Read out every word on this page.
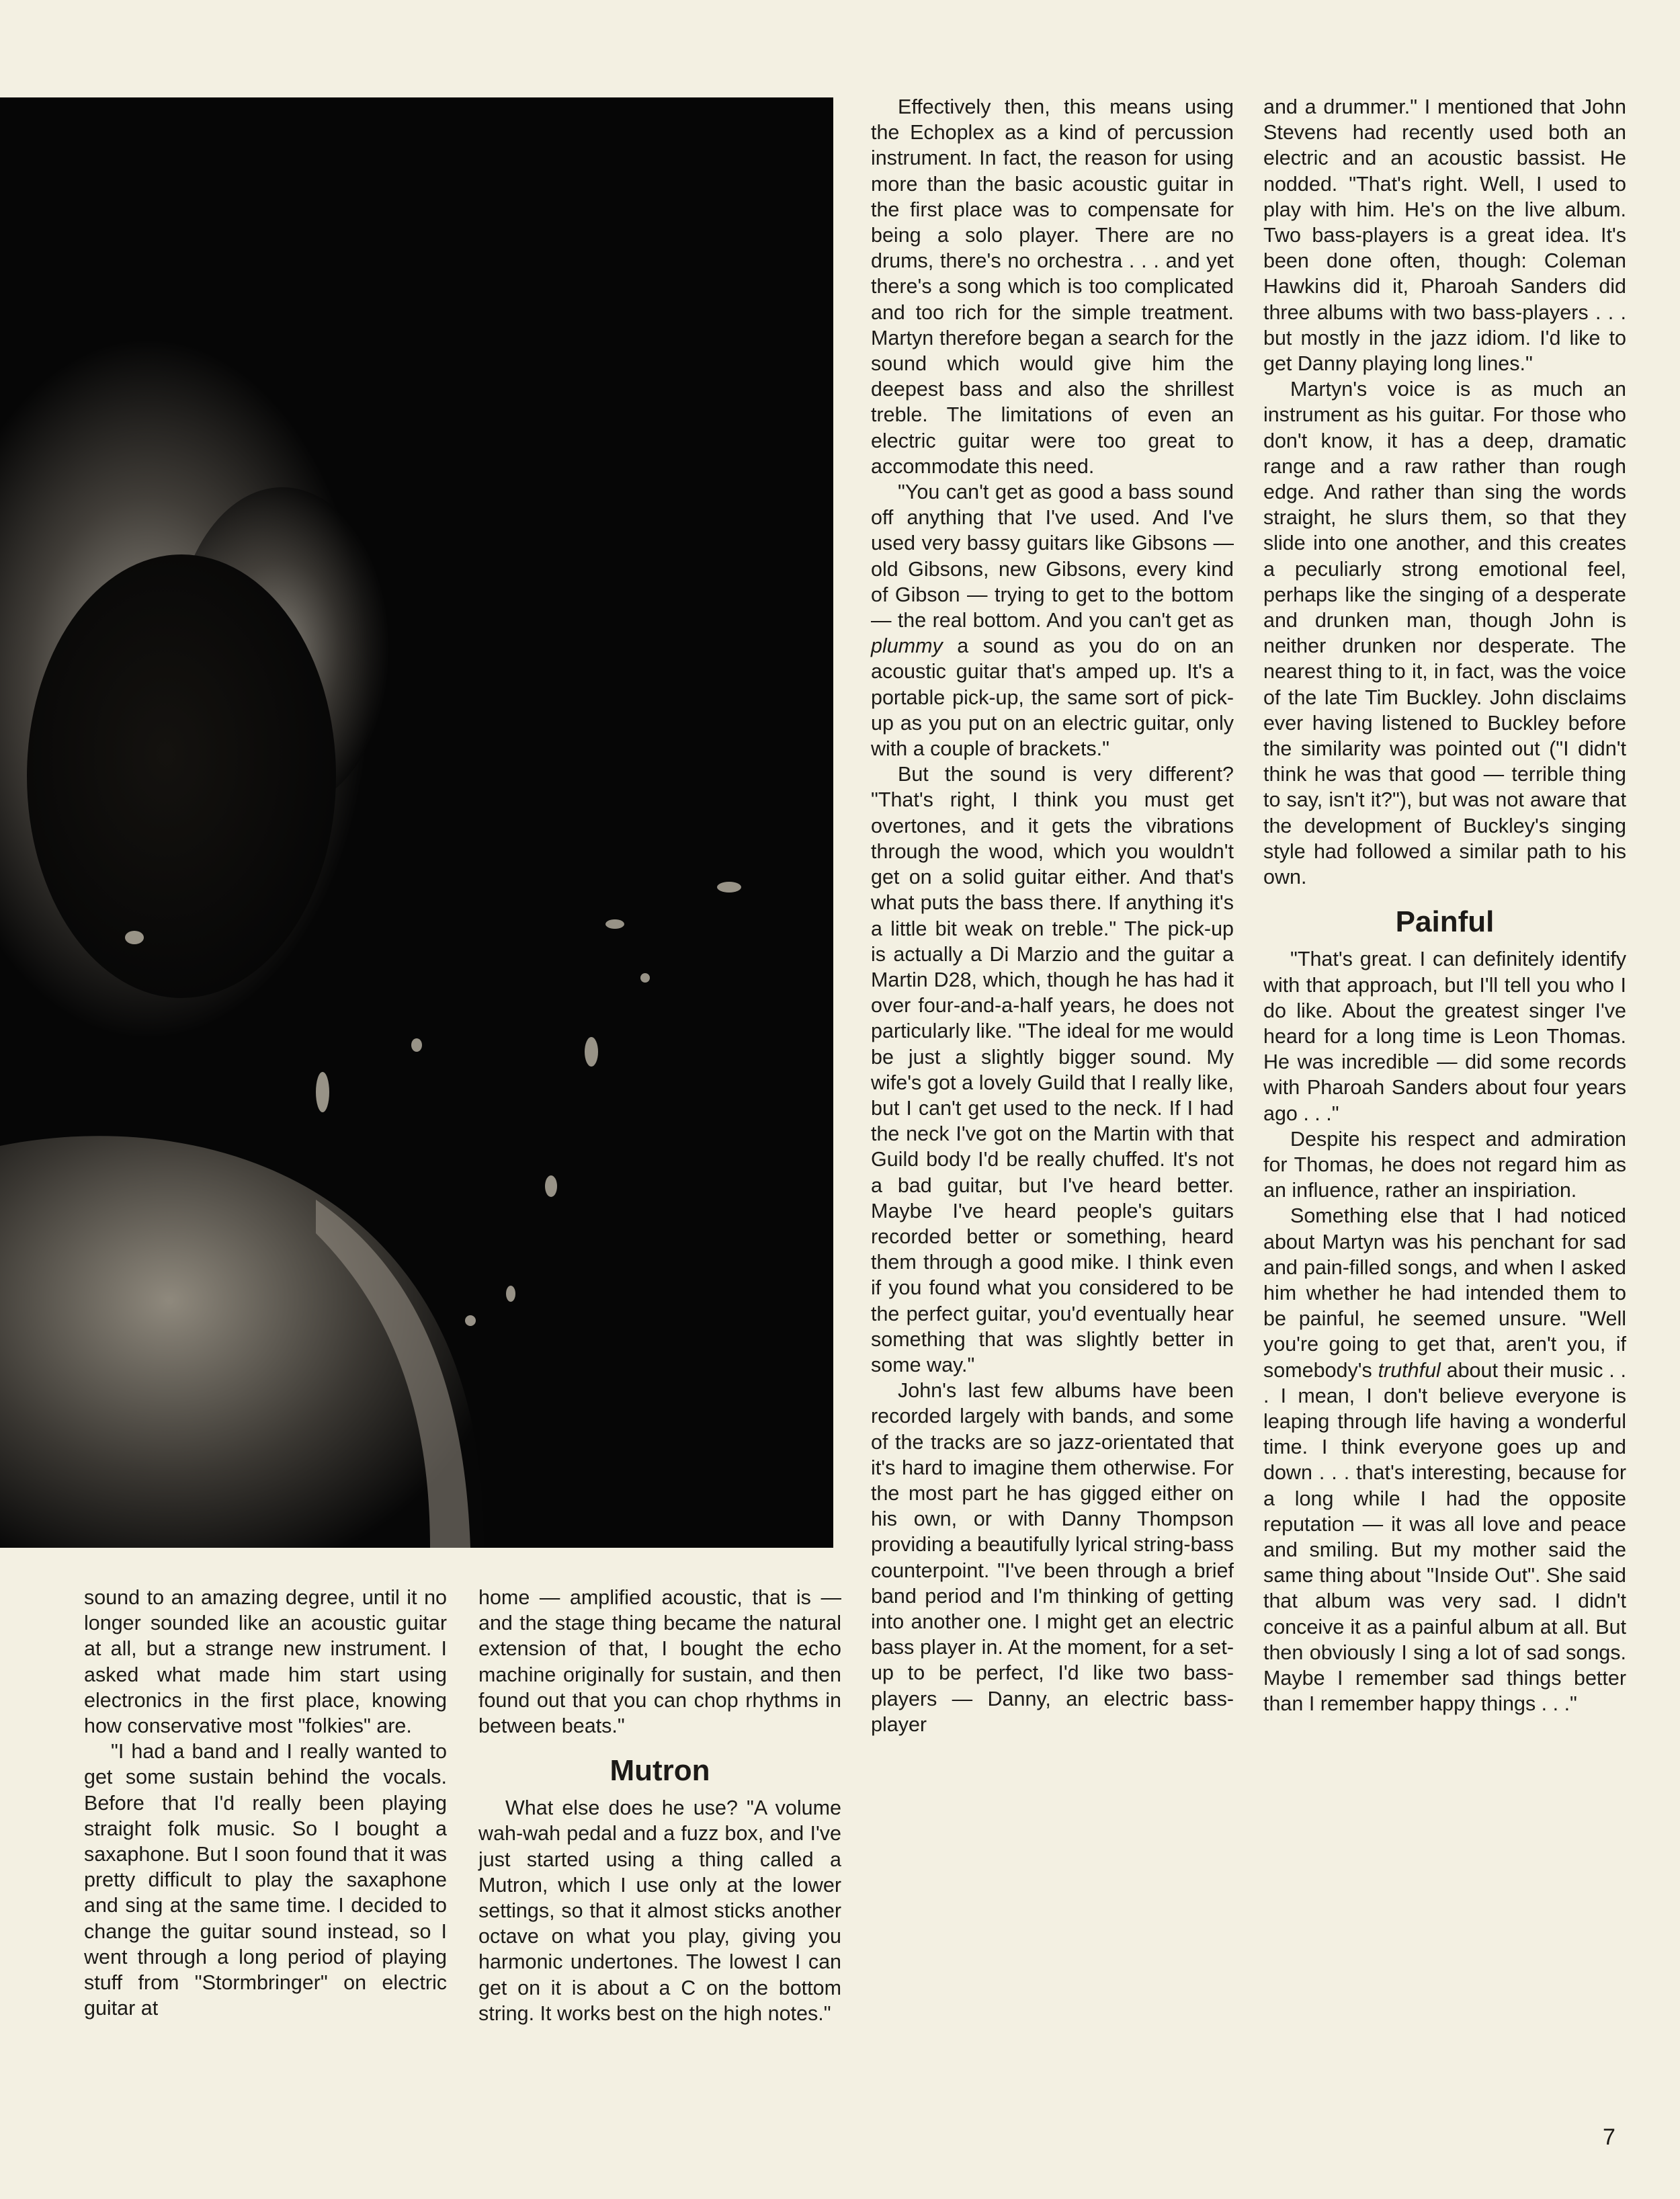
sound to an amazing degree, until it no longer sounded like an acoustic guitar at all, but a strange new instrument. I asked what made him start using electronics in the first place, knowing how conservative most "folkies" are.

"I had a band and I really wanted to get some sustain behind the vocals. Before that I'd really been playing straight folk music. So I bought a saxaphone. But I soon found that it was pretty difficult to play the saxaphone and sing at the same time. I decided to change the guitar sound instead, so I went through a long period of playing stuff from "Stormbringer" on electric guitar at

home — amplified acoustic, that is — and the stage thing became the natural extension of that, I bought the echo machine originally for sustain, and then found out that you can chop rhythms in between beats."

Mutron

What else does he use? "A volume wah-wah pedal and a fuzz box, and I've just started using a thing called a Mutron, which I use only at the lower settings, so that it almost sticks another octave on what you play, giving you harmonic undertones. The lowest I can get on it is about a C on the bottom string. It works best on the high notes."

Effectively then, this means using the Echoplex as a kind of percussion instrument. In fact, the reason for using more than the basic acoustic guitar in the first place was to compensate for being a solo player. There are no drums, there's no orchestra . . . and yet there's a song which is too complicated and too rich for the simple treatment. Martyn therefore began a search for the sound which would give him the deepest bass and also the shrillest treble. The limitations of even an electric guitar were too great to accommodate this need.

"You can't get as good a bass sound off anything that I've used. And I've used very bassy guitars like Gibsons — old Gibsons, new Gibsons, every kind of Gibson — trying to get to the bottom — the real bottom. And you can't get as plummy a sound as you do on an acoustic guitar that's amped up. It's a portable pick-up, the same sort of pick-up as you put on an electric guitar, only with a couple of brackets."

But the sound is very different? "That's right, I think you must get overtones, and it gets the vibrations through the wood, which you wouldn't get on a solid guitar either. And that's what puts the bass there. If anything it's a little bit weak on treble." The pick-up is actually a Di Marzio and the guitar a Martin D28, which, though he has had it over four-and-a-half years, he does not particularly like. "The ideal for me would be just a slightly bigger sound. My wife's got a lovely Guild that I really like, but I can't get used to the neck. If I had the neck I've got on the Martin with that Guild body I'd be really chuffed. It's not a bad guitar, but I've heard better. Maybe I've heard people's guitars recorded better or something, heard them through a good mike. I think even if you found what you considered to be the perfect guitar, you'd eventually hear something that was slightly better in some way."

John's last few albums have been recorded largely with bands, and some of the tracks are so jazz-orientated that it's hard to imagine them otherwise. For the most part he has gigged either on his own, or with Danny Thompson providing a beautifully lyrical string-bass counterpoint. "I've been through a brief band period and I'm thinking of getting into another one. I might get an electric bass player in. At the moment, for a set-up to be perfect, I'd like two bass-players — Danny, an electric bass-player

and a drummer." I mentioned that John Stevens had recently used both an electric and an acoustic bassist. He nodded. "That's right. Well, I used to play with him. He's on the live album. Two bass-players is a great idea. It's been done often, though: Coleman Hawkins did it, Pharoah Sanders did three albums with two bass-players . . . but mostly in the jazz idiom. I'd like to get Danny playing long lines."

Martyn's voice is as much an instrument as his guitar. For those who don't know, it has a deep, dramatic range and a raw rather than rough edge. And rather than sing the words straight, he slurs them, so that they slide into one another, and this creates a peculiarly strong emotional feel, perhaps like the singing of a desperate and drunken man, though John is neither drunken nor desperate. The nearest thing to it, in fact, was the voice of the late Tim Buckley. John disclaims ever having listened to Buckley before the similarity was pointed out ("I didn't think he was that good — terrible thing to say, isn't it?"), but was not aware that the development of Buckley's singing style had followed a similar path to his own.

Painful

"That's great. I can definitely identify with that approach, but I'll tell you who I do like. About the greatest singer I've heard for a long time is Leon Thomas. He was incredible — did some records with Pharoah Sanders about four years ago . . ."

Despite his respect and admiration for Thomas, he does not regard him as an influence, rather an inspiriation.

Something else that I had noticed about Martyn was his penchant for sad and pain-filled songs, and when I asked him whether he had intended them to be painful, he seemed unsure. "Well you're going to get that, aren't you, if somebody's truthful about their music . . . I mean, I don't believe everyone is leaping through life having a wonderful time. I think everyone goes up and down . . . that's interesting, because for a long while I had the opposite reputation — it was all love and peace and smiling. But my mother said the same thing about "Inside Out". She said that album was very sad. I didn't conceive it as a painful album at all. But then obviously I sing a lot of sad songs. Maybe I remember sad things better than I remember happy things . . ."

7
